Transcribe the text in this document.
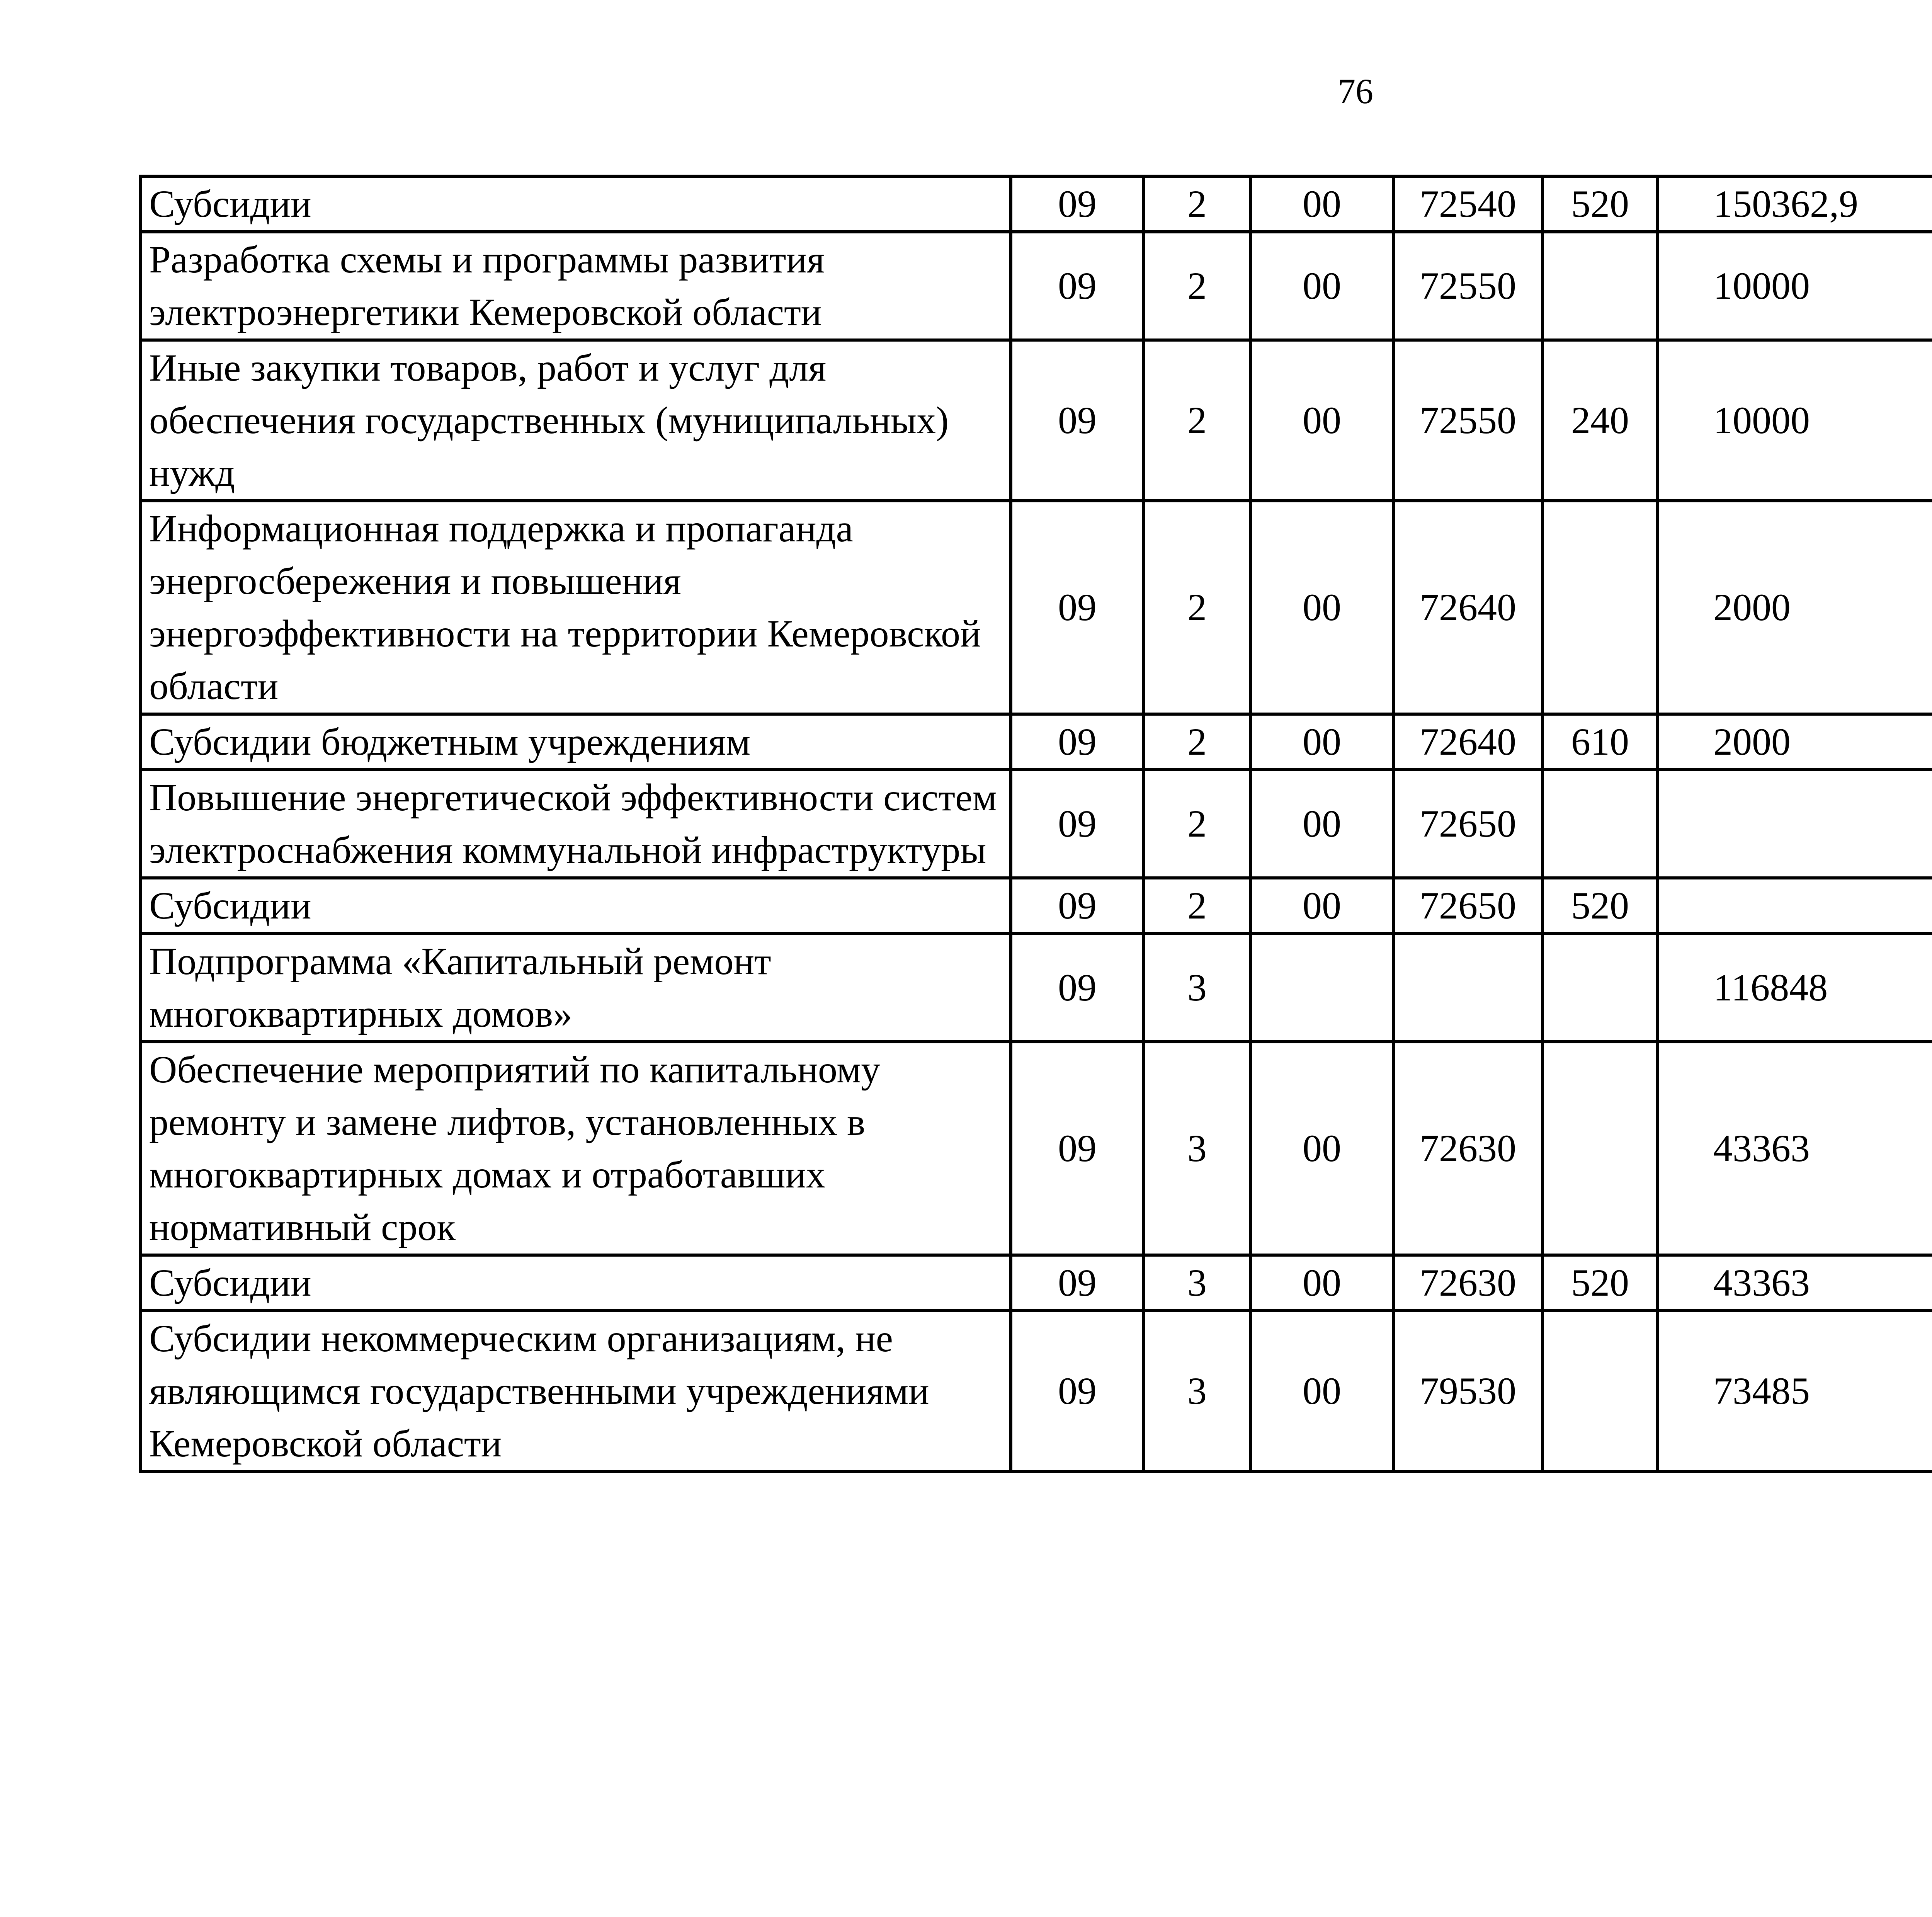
76
Субсидии	09	2	00	72540	520	150362,9		
Разработка схемы и программы развития электроэнергетики Кемеровской области	09	2	00	72550		10000		
Иные закупки товаров, работ и услуг для обеспечения государственных (муниципальных) нужд	09	2	00	72550	240	10000		
Информационная поддержка и пропаганда энергосбережения и повышения энергоэффективности на территории Кемеровской области	09	2	00	72640		2000		
Субсидии бюджетным учреждениям	09	2	00	72640	610	2000		
Повышение энергетической эффективности систем электроснабжения коммунальной инфраструктуры	09	2	00	72650				
Субсидии	09	2	00	72650	520			
Подпрограмма «Капитальный ремонт многоквартирных домов»	09	3				116848		
Обеспечение мероприятий по капитальному ремонту и замене лифтов, установленных в многоквартирных домах и отработавших нормативный срок	09	3	00	72630		43363		
Субсидии	09	3	00	72630	520	43363		
Субсидии некоммерческим организациям, не являющимся государственными учреждениями Кемеровской области	09	3	00	79530		73485		
